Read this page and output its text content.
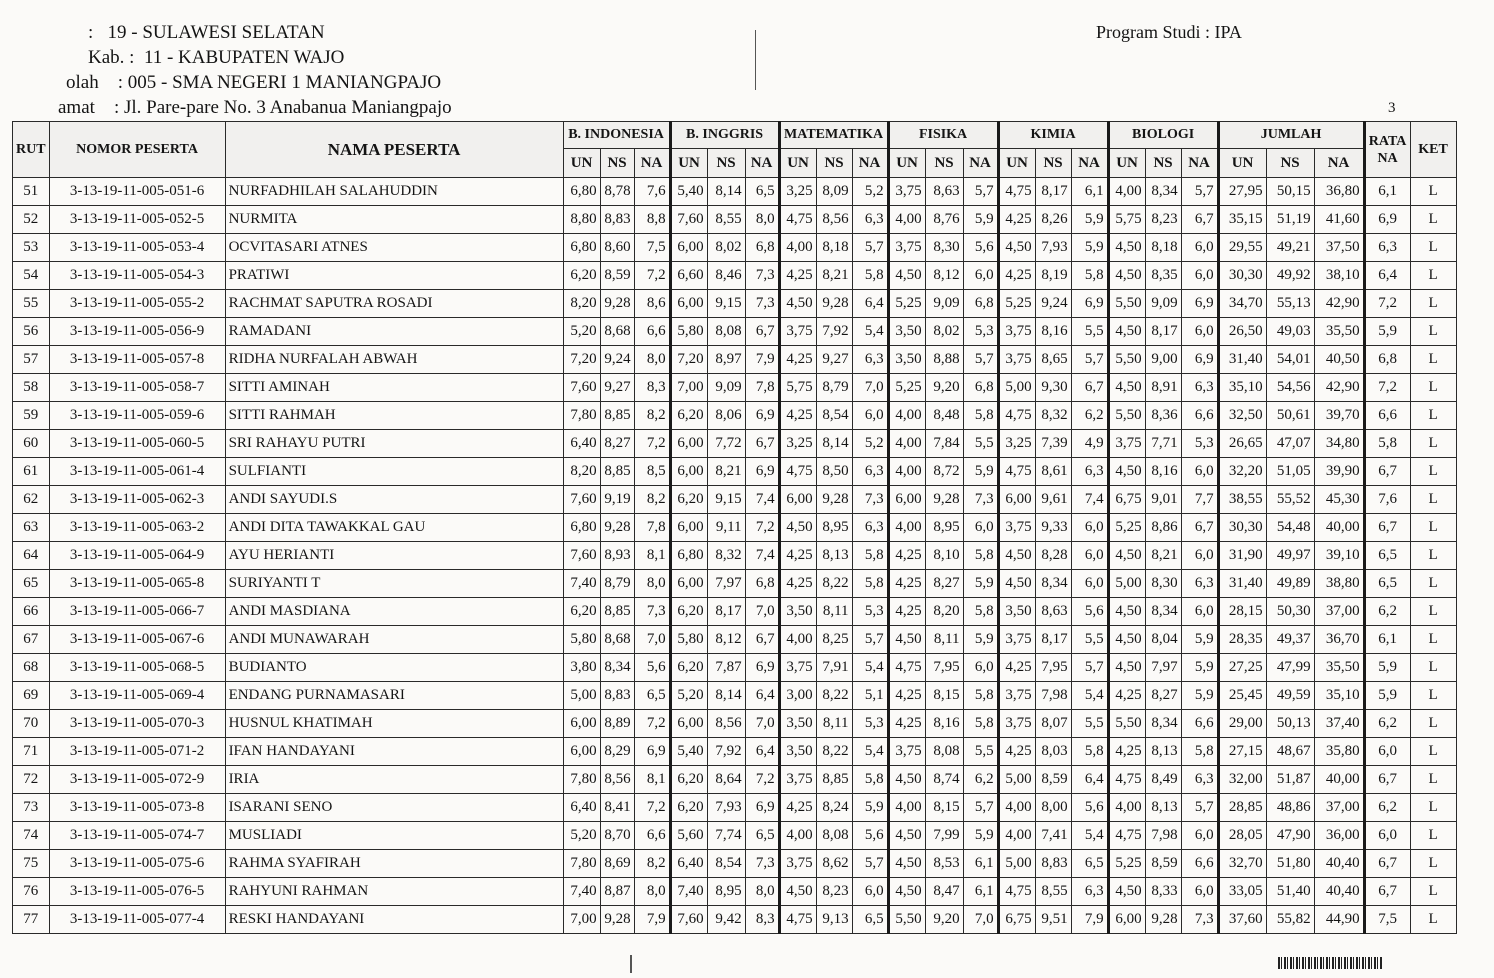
: 19 - SULAWESI SELATAN
Kab. : 11 - KABUPATEN WAJO
olah : 005 - SMA NEGERI 1 MANIANGPAJO
amat : Jl. Pare-pare No. 3 Anabanua Maniangpajo
Program Studi : IPA
3
RUT	NOMOR PESERTA	NAMA PESERTA	B. INDONESIA			B. INGGRIS			MATEMATIKA			FISIKA			KIMIA			BIOLOGI			JUMLAH			RATA NA	KET
			UN	NS	NA	UN	NS	NA	UN	NS	NA	UN	NS	NA	UN	NS	NA	UN	NS	NA	UN	NS	NA		
51	3-13-19-11-005-051-6	NURFADHILAH SALAHUDDIN	6,80	8,78	7,6	5,40	8,14	6,5	3,25	8,09	5,2	3,75	8,63	5,7	4,75	8,17	6,1	4,00	8,34	5,7	27,95	50,15	36,80	6,1	L
52	3-13-19-11-005-052-5	NURMITA	8,80	8,83	8,8	7,60	8,55	8,0	4,75	8,56	6,3	4,00	8,76	5,9	4,25	8,26	5,9	5,75	8,23	6,7	35,15	51,19	41,60	6,9	L
53	3-13-19-11-005-053-4	OCVITASARI ATNES	6,80	8,60	7,5	6,00	8,02	6,8	4,00	8,18	5,7	3,75	8,30	5,6	4,50	7,93	5,9	4,50	8,18	6,0	29,55	49,21	37,50	6,3	L
54	3-13-19-11-005-054-3	PRATIWI	6,20	8,59	7,2	6,60	8,46	7,3	4,25	8,21	5,8	4,50	8,12	6,0	4,25	8,19	5,8	4,50	8,35	6,0	30,30	49,92	38,10	6,4	L
55	3-13-19-11-005-055-2	RACHMAT SAPUTRA ROSADI	8,20	9,28	8,6	6,00	9,15	7,3	4,50	9,28	6,4	5,25	9,09	6,8	5,25	9,24	6,9	5,50	9,09	6,9	34,70	55,13	42,90	7,2	L
56	3-13-19-11-005-056-9	RAMADANI	5,20	8,68	6,6	5,80	8,08	6,7	3,75	7,92	5,4	3,50	8,02	5,3	3,75	8,16	5,5	4,50	8,17	6,0	26,50	49,03	35,50	5,9	L
57	3-13-19-11-005-057-8	RIDHA NURFALAH ABWAH	7,20	9,24	8,0	7,20	8,97	7,9	4,25	9,27	6,3	3,50	8,88	5,7	3,75	8,65	5,7	5,50	9,00	6,9	31,40	54,01	40,50	6,8	L
58	3-13-19-11-005-058-7	SITTI AMINAH	7,60	9,27	8,3	7,00	9,09	7,8	5,75	8,79	7,0	5,25	9,20	6,8	5,00	9,30	6,7	4,50	8,91	6,3	35,10	54,56	42,90	7,2	L
59	3-13-19-11-005-059-6	SITTI RAHMAH	7,80	8,85	8,2	6,20	8,06	6,9	4,25	8,54	6,0	4,00	8,48	5,8	4,75	8,32	6,2	5,50	8,36	6,6	32,50	50,61	39,70	6,6	L
60	3-13-19-11-005-060-5	SRI RAHAYU PUTRI	6,40	8,27	7,2	6,00	7,72	6,7	3,25	8,14	5,2	4,00	7,84	5,5	3,25	7,39	4,9	3,75	7,71	5,3	26,65	47,07	34,80	5,8	L
61	3-13-19-11-005-061-4	SULFIANTI	8,20	8,85	8,5	6,00	8,21	6,9	4,75	8,50	6,3	4,00	8,72	5,9	4,75	8,61	6,3	4,50	8,16	6,0	32,20	51,05	39,90	6,7	L
62	3-13-19-11-005-062-3	ANDI SAYUDI.S	7,60	9,19	8,2	6,20	9,15	7,4	6,00	9,28	7,3	6,00	9,28	7,3	6,00	9,61	7,4	6,75	9,01	7,7	38,55	55,52	45,30	7,6	L
63	3-13-19-11-005-063-2	ANDI DITA TAWAKKAL GAU	6,80	9,28	7,8	6,00	9,11	7,2	4,50	8,95	6,3	4,00	8,95	6,0	3,75	9,33	6,0	5,25	8,86	6,7	30,30	54,48	40,00	6,7	L
64	3-13-19-11-005-064-9	AYU HERIANTI	7,60	8,93	8,1	6,80	8,32	7,4	4,25	8,13	5,8	4,25	8,10	5,8	4,50	8,28	6,0	4,50	8,21	6,0	31,90	49,97	39,10	6,5	L
65	3-13-19-11-005-065-8	SURIYANTI T	7,40	8,79	8,0	6,00	7,97	6,8	4,25	8,22	5,8	4,25	8,27	5,9	4,50	8,34	6,0	5,00	8,30	6,3	31,40	49,89	38,80	6,5	L
66	3-13-19-11-005-066-7	ANDI MASDIANA	6,20	8,85	7,3	6,20	8,17	7,0	3,50	8,11	5,3	4,25	8,20	5,8	3,50	8,63	5,6	4,50	8,34	6,0	28,15	50,30	37,00	6,2	L
67	3-13-19-11-005-067-6	ANDI MUNAWARAH	5,80	8,68	7,0	5,80	8,12	6,7	4,00	8,25	5,7	4,50	8,11	5,9	3,75	8,17	5,5	4,50	8,04	5,9	28,35	49,37	36,70	6,1	L
68	3-13-19-11-005-068-5	BUDIANTO	3,80	8,34	5,6	6,20	7,87	6,9	3,75	7,91	5,4	4,75	7,95	6,0	4,25	7,95	5,7	4,50	7,97	5,9	27,25	47,99	35,50	5,9	L
69	3-13-19-11-005-069-4	ENDANG PURNAMASARI	5,00	8,83	6,5	5,20	8,14	6,4	3,00	8,22	5,1	4,25	8,15	5,8	3,75	7,98	5,4	4,25	8,27	5,9	25,45	49,59	35,10	5,9	L
70	3-13-19-11-005-070-3	HUSNUL KHATIMAH	6,00	8,89	7,2	6,00	8,56	7,0	3,50	8,11	5,3	4,25	8,16	5,8	3,75	8,07	5,5	5,50	8,34	6,6	29,00	50,13	37,40	6,2	L
71	3-13-19-11-005-071-2	IFAN HANDAYANI	6,00	8,29	6,9	5,40	7,92	6,4	3,50	8,22	5,4	3,75	8,08	5,5	4,25	8,03	5,8	4,25	8,13	5,8	27,15	48,67	35,80	6,0	L
72	3-13-19-11-005-072-9	IRIA	7,80	8,56	8,1	6,20	8,64	7,2	3,75	8,85	5,8	4,50	8,74	6,2	5,00	8,59	6,4	4,75	8,49	6,3	32,00	51,87	40,00	6,7	L
73	3-13-19-11-005-073-8	ISARANI SENO	6,40	8,41	7,2	6,20	7,93	6,9	4,25	8,24	5,9	4,00	8,15	5,7	4,00	8,00	5,6	4,00	8,13	5,7	28,85	48,86	37,00	6,2	L
74	3-13-19-11-005-074-7	MUSLIADI	5,20	8,70	6,6	5,60	7,74	6,5	4,00	8,08	5,6	4,50	7,99	5,9	4,00	7,41	5,4	4,75	7,98	6,0	28,05	47,90	36,00	6,0	L
75	3-13-19-11-005-075-6	RAHMA SYAFIRAH	7,80	8,69	8,2	6,40	8,54	7,3	3,75	8,62	5,7	4,50	8,53	6,1	5,00	8,83	6,5	5,25	8,59	6,6	32,70	51,80	40,40	6,7	L
76	3-13-19-11-005-076-5	RAHYUNI RAHMAN	7,40	8,87	8,0	7,40	8,95	8,0	4,50	8,23	6,0	4,50	8,47	6,1	4,75	8,55	6,3	4,50	8,33	6,0	33,05	51,40	40,40	6,7	L
77	3-13-19-11-005-077-4	RESKI HANDAYANI	7,00	9,28	7,9	7,60	9,42	8,3	4,75	9,13	6,5	5,50	9,20	7,0	6,75	9,51	7,9	6,00	9,28	7,3	37,60	55,82	44,90	7,5	L
